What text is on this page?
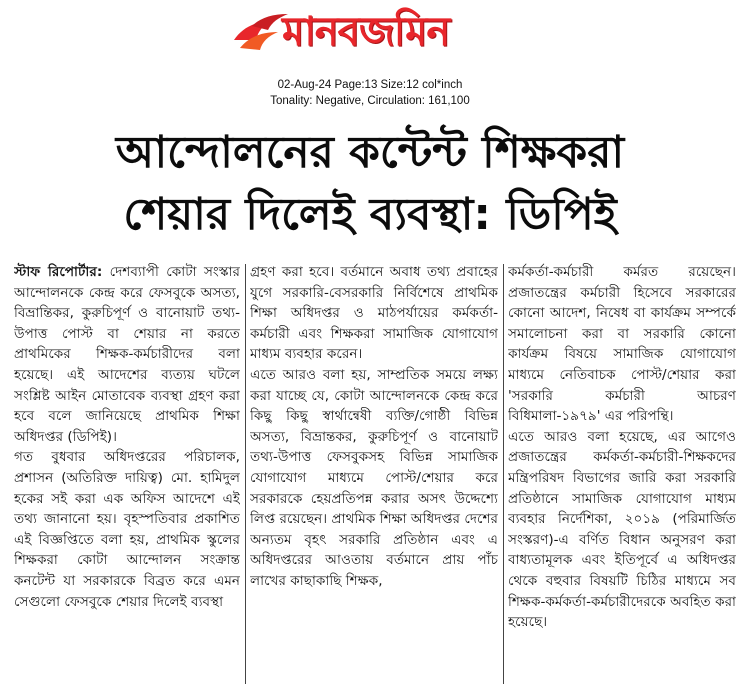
মানবজমিন
02-Aug-24 Page:13 Size:12 col*inch
Tonality: Negative, Circulation: 161,100
আন্দোলনের কন্টেন্ট শিক্ষকরা
শেয়ার দিলেই ব্যবস্থা: ডিপিই

স্টাফ রিপোর্টার: দেশব্যাপী কোটা সংস্কার আন্দোলনকে কেন্দ্র করে ফেসবুকে অসত্য, বিভ্রান্তিকর, কুরুচিপূর্ণ ও বানোয়াট তথ্য-উপাত্ত পোস্ট বা শেয়ার না করতে প্রাথমিকের শিক্ষক-কর্মচারীদের বলা হয়েছে। এই আদেশের ব্যত্যয় ঘটলে সংশ্লিষ্ট আইন মোতাবেক ব্যবস্থা গ্রহণ করা হবে বলে জানিয়েছে প্রাথমিক শিক্ষা অধিদপ্তর (ডিপিই)।

গত বুধবার অধিদপ্তরের পরিচালক, প্রশাসন (অতিরিক্ত দায়িত্ব) মো. হামিদুল হকের সই করা এক অফিস আদেশে এই তথ্য জানানো হয়। বৃহস্পতিবার প্রকাশিত এই বিজ্ঞপ্তিতে বলা হয়, প্রাথমিক স্কুলের শিক্ষকরা কোটা আন্দোলন সংক্রান্ত কনটেন্ট যা সরকারকে বিব্রত করে এমন সেগুলো ফেসবুকে শেয়ার দিলেই ব্যবস্থা

গ্রহণ করা হবে। বর্তমানে অবাধ তথ্য প্রবাহের যুগে সরকারি-বেসরকারি নির্বিশেষে প্রাথমিক শিক্ষা অধিদপ্তর ও মাঠপর্যায়ের কর্মকর্তা-কর্মচারী এবং শিক্ষকরা সামাজিক যোগাযোগ মাধ্যম ব্যবহার করেন।

এতে আরও বলা হয়, সাম্প্রতিক সময়ে লক্ষ্য করা যাচ্ছে যে, কোটা আন্দোলনকে কেন্দ্র করে কিছু কিছু স্বার্থান্বেষী ব্যক্তি/গোষ্ঠী বিভিন্ন অসত্য, বিভ্রান্তকর, কুরুচিপূর্ণ ও বানোয়াট তথ্য-উপাত্ত ফেসবুকসহ বিভিন্ন সামাজিক যোগাযোগ মাধ্যমে পোস্ট/শেয়ার করে সরকারকে হেয়প্রতিপন্ন করার অসৎ উদ্দেশ্যে লিপ্ত রয়েছেন। প্রাথমিক শিক্ষা অধিদপ্তর দেশের অন্যতম বৃহৎ সরকারি প্রতিষ্ঠান এবং এ অধিদপ্তরের আওতায় বর্তমানে প্রায় পাঁচ লাখের কাছাকাছি শিক্ষক,

কর্মকর্তা-কর্মচারী কর্মরত রয়েছেন। প্রজাতন্ত্রের কর্মচারী হিসেবে সরকারের কোনো আদেশ, নিষেধ বা কার্যক্রম সম্পর্কে সমালোচনা করা বা সরকারি কোনো কার্যক্রম বিষয়ে সামাজিক যোগাযোগ মাধ্যমে নেতিবাচক পোস্ট/শেয়ার করা 'সরকারি কর্মচারী আচরণ বিধিমালা-১৯৭৯' এর পরিপন্থি।

এতে আরও বলা হয়েছে, এর আগেও প্রজাতন্ত্রের কর্মকর্তা-কর্মচারী-শিক্ষকদের মন্ত্রিপরিষদ বিভাগের জারি করা সরকারি প্রতিষ্ঠানে সামাজিক যোগাযোগ মাধ্যম ব্যবহার নির্দেশিকা, ২০১৯ (পরিমার্জিত সংস্করণ)-এ বর্ণিত বিধান অনুসরণ করা বাধ্যতামূলক এবং ইতিপূর্বে এ অধিদপ্তর থেকে বহুবার বিষয়টি চিঠির মাধ্যমে সব শিক্ষক-কর্মকর্তা-কর্মচারীদেরকে অবহিত করা হয়েছে।
